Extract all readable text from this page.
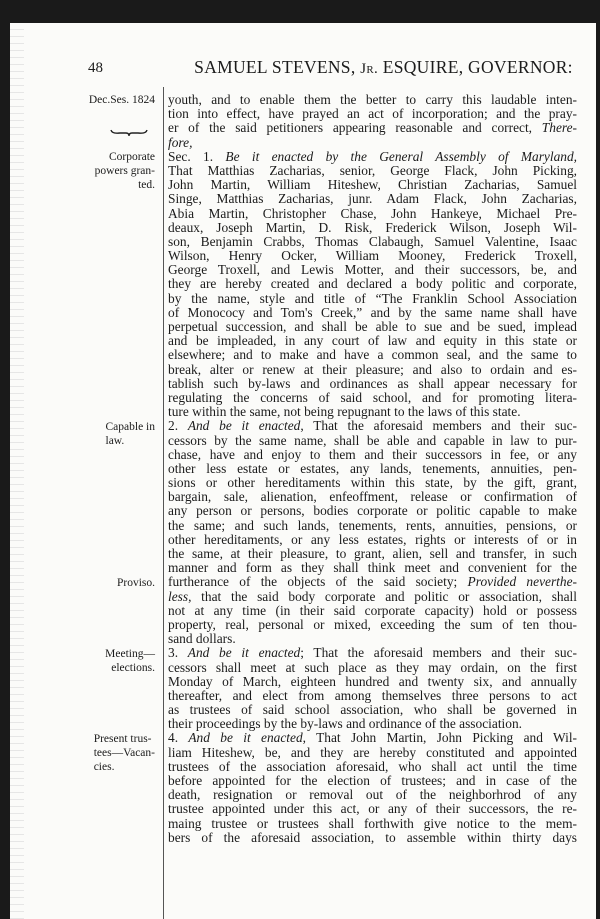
48	SAMUEL STEVENS, Jr. ESQUIRE, GOVERNOR:
Dec.Ses. 1824
Corporate
powers gran-
ted.
Capable in
law.
Proviso.
Meeting—
elections.
Present trus-
tees—Vacan-
cies.
youth, and to enable them the better to carry this laudable inten-
tion into effect, have prayed an act of incorporation; and the pray-
er of the said petitioners appearing reasonable and correct, There-
fore,
Sec. 1. Be it enacted by the General Assembly of Maryland,
That Matthias Zacharias, senior, George Flack, John Picking,
John Martin, William Hiteshew, Christian Zacharias, Samuel
Singe, Matthias Zacharias, junr. Adam Flack, John Zacharias,
Abia Martin, Christopher Chase, John Hankeye, Michael Pre-
deaux, Joseph Martin, D. Risk, Frederick Wilson, Joseph Wil-
son, Benjamin Crabbs, Thomas Clabaugh, Samuel Valentine, Isaac
Wilson, Henry Ocker, William Mooney, Frederick Troxell,
George Troxell, and Lewis Motter, and their successors, be, and
they are hereby created and declared a body politic and corporate,
by the name, style and title of “The Franklin School Association
of Monococy and Tom's Creek,” and by the same name shall have
perpetual succession, and shall be able to sue and be sued, implead
and be impleaded, in any court of law and equity in this state or
elsewhere; and to make and have a common seal, and the same to
break, alter or renew at their pleasure; and also to ordain and es-
tablish such by-laws and ordinances as shall appear necessary for
regulating the concerns of said school, and for promoting litera-
ture within the same, not being repugnant to the laws of this state.
2. And be it enacted, That the aforesaid members and their suc-
cessors by the same name, shall be able and capable in law to pur-
chase, have and enjoy to them and their successors in fee, or any
other less estate or estates, any lands, tenements, annuities, pen-
sions or other hereditaments within this state, by the gift, grant,
bargain, sale, alienation, enfeoffment, release or confirmation of
any person or persons, bodies corporate or politic capable to make
the same; and such lands, tenements, rents, annuities, pensions, or
other hereditaments, or any less estates, rights or interests of or in
the same, at their pleasure, to grant, alien, sell and transfer, in such
manner and form as they shall think meet and convenient for the
furtherance of the objects of the said society; Provided neverthe-
less, that the said body corporate and politic or association, shall
not at any time (in their said corporate capacity) hold or possess
property, real, personal or mixed, exceeding the sum of ten thou-
sand dollars.
3. And be it enacted; That the aforesaid members and their suc-
cessors shall meet at such place as they may ordain, on the first
Monday of March, eighteen hundred and twenty six, and annually
thereafter, and elect from among themselves three persons to act
as trustees of said school association, who shall be governed in
their proceedings by the by-laws and ordinance of the association.
4. And be it enacted, That John Martin, John Picking and Wil-
liam Hiteshew, be, and they are hereby constituted and appointed
trustees of the association aforesaid, who shall act until the time
before appointed for the election of trustees; and in case of the
death, resignation or removal out of the neighborhrod of any
trustee appointed under this act, or any of their successors, the re-
maing trustee or trustees shall forthwith give notice to the mem-
bers of the aforesaid association, to assemble within thirty days
